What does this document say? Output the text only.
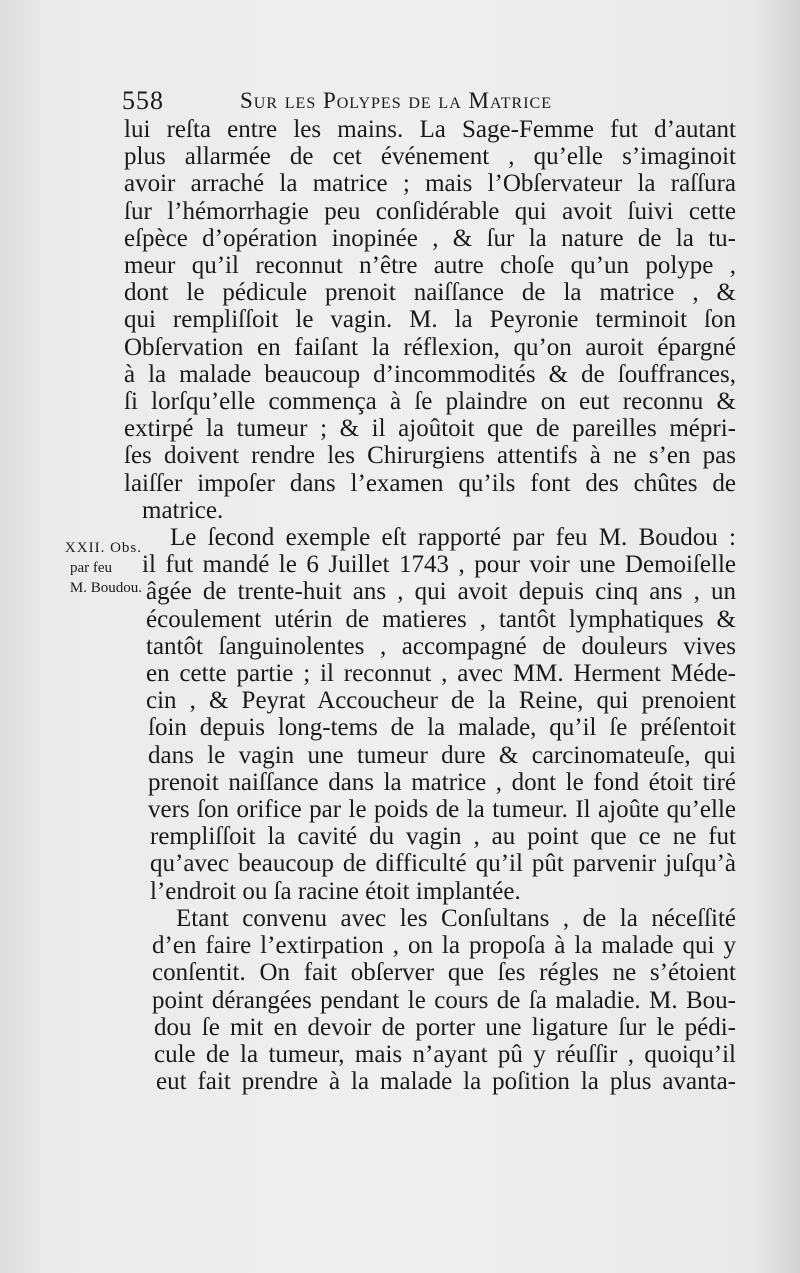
558	Sur les Polypes de la Matrice
XXII. Obs.
par feu
M. Boudou.
lui reſta entre les mains. La Sage-Femme fut d’autant
plus allarmée de cet événement , qu’elle s’imaginoit
avoir arraché la matrice ; mais l’Obſervateur la raſſura
ſur l’hémorrhagie peu conſidérable qui avoit ſuivi cette
eſpèce d’opération inopinée , & ſur la nature de la tu-
meur qu’il reconnut n’être autre choſe qu’un polype ,
dont le pédicule prenoit naiſſance de la matrice , &
qui rempliſſoit le vagin. M. la Peyronie terminoit ſon
Obſervation en faiſant la réflexion, qu’on auroit épargné
à la malade beaucoup d’incommodités & de ſouffrances,
ſi lorſqu’elle commença à ſe plaindre on eut reconnu &
extirpé la tumeur ; & il ajoûtoit que de pareilles mépri-
ſes doivent rendre les Chirurgiens attentifs à ne s’en pas
laiſſer impoſer dans l’examen qu’ils font des chûtes de
matrice.
Le ſecond exemple eſt rapporté par feu M. Boudou :
il fut mandé le 6 Juillet 1743 , pour voir une Demoiſelle
âgée de trente-huit ans , qui avoit depuis cinq ans , un
écoulement utérin de matieres , tantôt lymphatiques &
tantôt ſanguinolentes , accompagné de douleurs vives
en cette partie ; il reconnut , avec MM. Herment Méde-
cin , & Peyrat Accoucheur de la Reine, qui prenoient
ſoin depuis long-tems de la malade, qu’il ſe préſentoit
dans le vagin une tumeur dure & carcinomateuſe, qui
prenoit naiſſance dans la matrice , dont le fond étoit tiré
vers ſon orifice par le poids de la tumeur. Il ajoûte qu’elle
rempliſſoit la cavité du vagin , au point que ce ne fut
qu’avec beaucoup de difficulté qu’il pût parvenir juſqu’à
l’endroit ou ſa racine étoit implantée.
Etant convenu avec les Conſultans , de la néceſſité
d’en faire l’extirpation , on la propoſa à la malade qui y
conſentit. On fait obſerver que ſes régles ne s’étoient
point dérangées pendant le cours de ſa maladie. M. Bou-
dou ſe mit en devoir de porter une ligature ſur le pédi-
cule de la tumeur, mais n’ayant pû y réuſſir , quoiqu’il
eut fait prendre à la malade la poſition la plus avanta-
